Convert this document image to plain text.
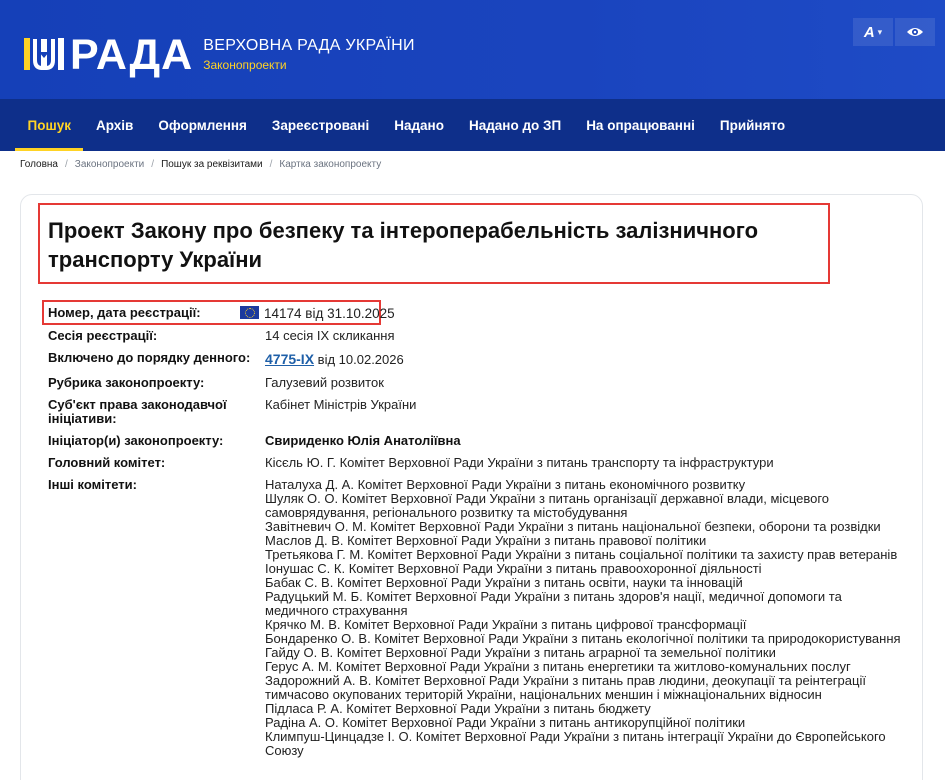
РАДА ВЕРХОВНА РАДА УКРАЇНИ
Законопроекти
A ▾
Пошук	Архів	Оформлення	Зареєстровані	Надано	Надано до ЗП	На опрацюванні	Прийнято
Головна / Законопроекти / Пошук за реквізитами / Картка законопроекту
Проект Закону про безпеку та інтероперабельність залізничного транспорту України
Номер, дата реєстрації:	14174 від 31.10.2025
Сесія реєстрації:	14 сесія IX скликання
Включено до порядку денного: 4775-IX від 10.02.2026
Рубрика законопроекту:	Галузевий розвиток
Суб'єкт права законодавчої ініціативи:
Кабінет Міністрів України
Ініціатор(и) законопроекту:	Свириденко Юлія Анатоліївна
Головний комітет:	Кісєль Ю. Г. Комітет Верховної Ради України з питань транспорту та інфраструктури
Інші комітети:	Наталуха Д. А. Комітет Верховної Ради України з питань економічного розвитку
Шуляк О. О. Комітет Верховної Ради України з питань організації державної влади, місцевого самоврядування, регіонального розвитку та містобудування
Завітневич О. М. Комітет Верховної Ради України з питань національної безпеки, оборони та розвідки
Маслов Д. В. Комітет Верховної Ради України з питань правової політики
Третьякова Г. М. Комітет Верховної Ради України з питань соціальної політики та захисту прав ветеранів
Іонушас С. К. Комітет Верховної Ради України з питань правоохоронної діяльності
Бабак С. В. Комітет Верховної Ради України з питань освіти, науки та інновацій
Радуцький М. Б. Комітет Верховної Ради України з питань здоров'я нації, медичної допомоги та медичного страхування
Крячко М. В. Комітет Верховної Ради України з питань цифрової трансформації
Бондаренко О. В. Комітет Верховної Ради України з питань екологічної політики та природокористування
Гайду О. В. Комітет Верховної Ради України з питань аграрної та земельної політики
Герус А. М. Комітет Верховної Ради України з питань енергетики та житлово-комунальних послуг
Задорожний А. В. Комітет Верховної Ради України з питань прав людини, деокупації та реінтеграції тимчасово окупованих територій України, національних меншин і міжнаціональних відносин
Підласа Р. А. Комітет Верховної Ради України з питань бюджету
Радіна А. О. Комітет Верховної Ради України з питань антикорупційної політики
Климпуш-Цинцадзе І. О. Комітет Верховної Ради України з питань інтеграції України до Європейського Союзу
